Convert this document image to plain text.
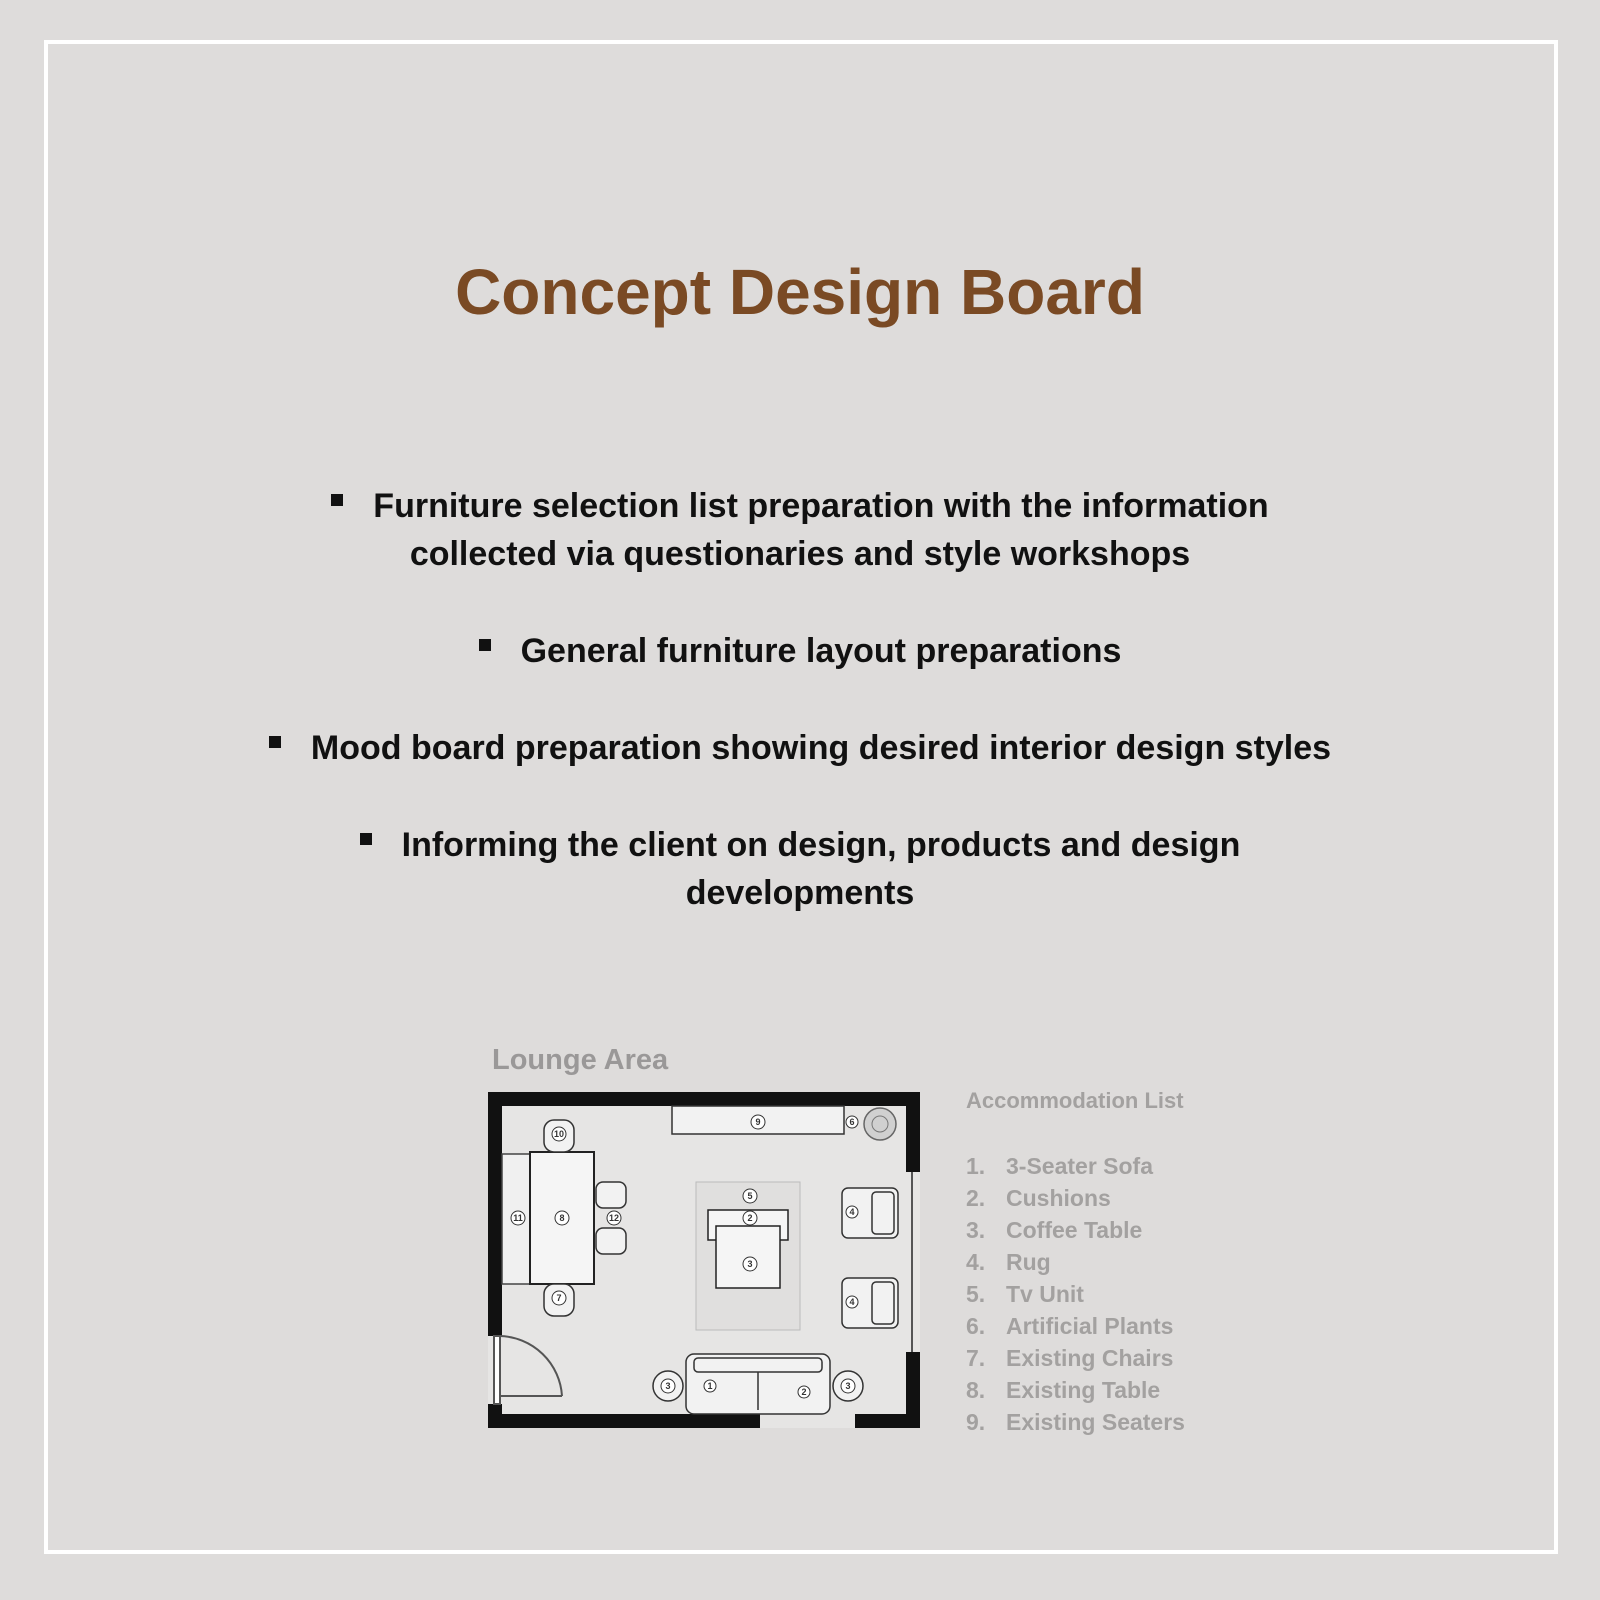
Concept Design Board
Furniture selection list preparation with the information
collected via questionaries and style workshops
General furniture layout preparations
Mood board preparation showing desired interior design styles
Informing the client on design, products and design
developments
Lounge Area
9	6
10
11	8	12
7
5
2
3
4
4
3	1
2
3
Accommodation List
1. 3-Seater Sofa
2. Cushions
3. Coffee Table
4. Rug
5. Tv Unit
6. Artificial Plants
7. Existing Chairs
8. Existing Table
9. Existing Seaters
